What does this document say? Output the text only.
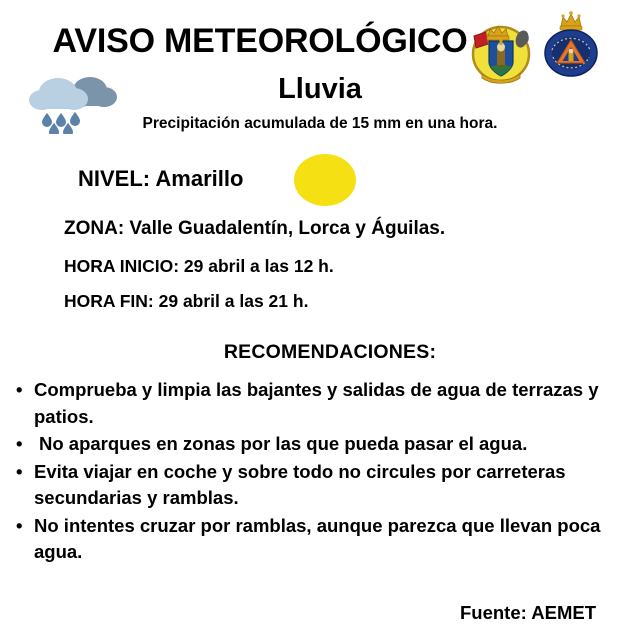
AVISO METEOROLÓGICO
Lluvia
Precipitación acumulada de 15 mm en una hora.
NIVEL: Amarillo
ZONA: Valle Guadalentín, Lorca y Águilas.
HORA INICIO: 29 abril a las 12 h.
HORA FIN: 29 abril a las 21 h.
RECOMENDACIONES:
• Comprueba y limpia las bajantes y salidas de agua de terrazas y patios.
• No aparques en zonas por las que pueda pasar el agua.
• Evita viajar en coche y sobre todo no circules por carreteras secundarias y ramblas.
• No intentes cruzar por ramblas, aunque parezca que llevan poca agua.
Fuente: AEMET
